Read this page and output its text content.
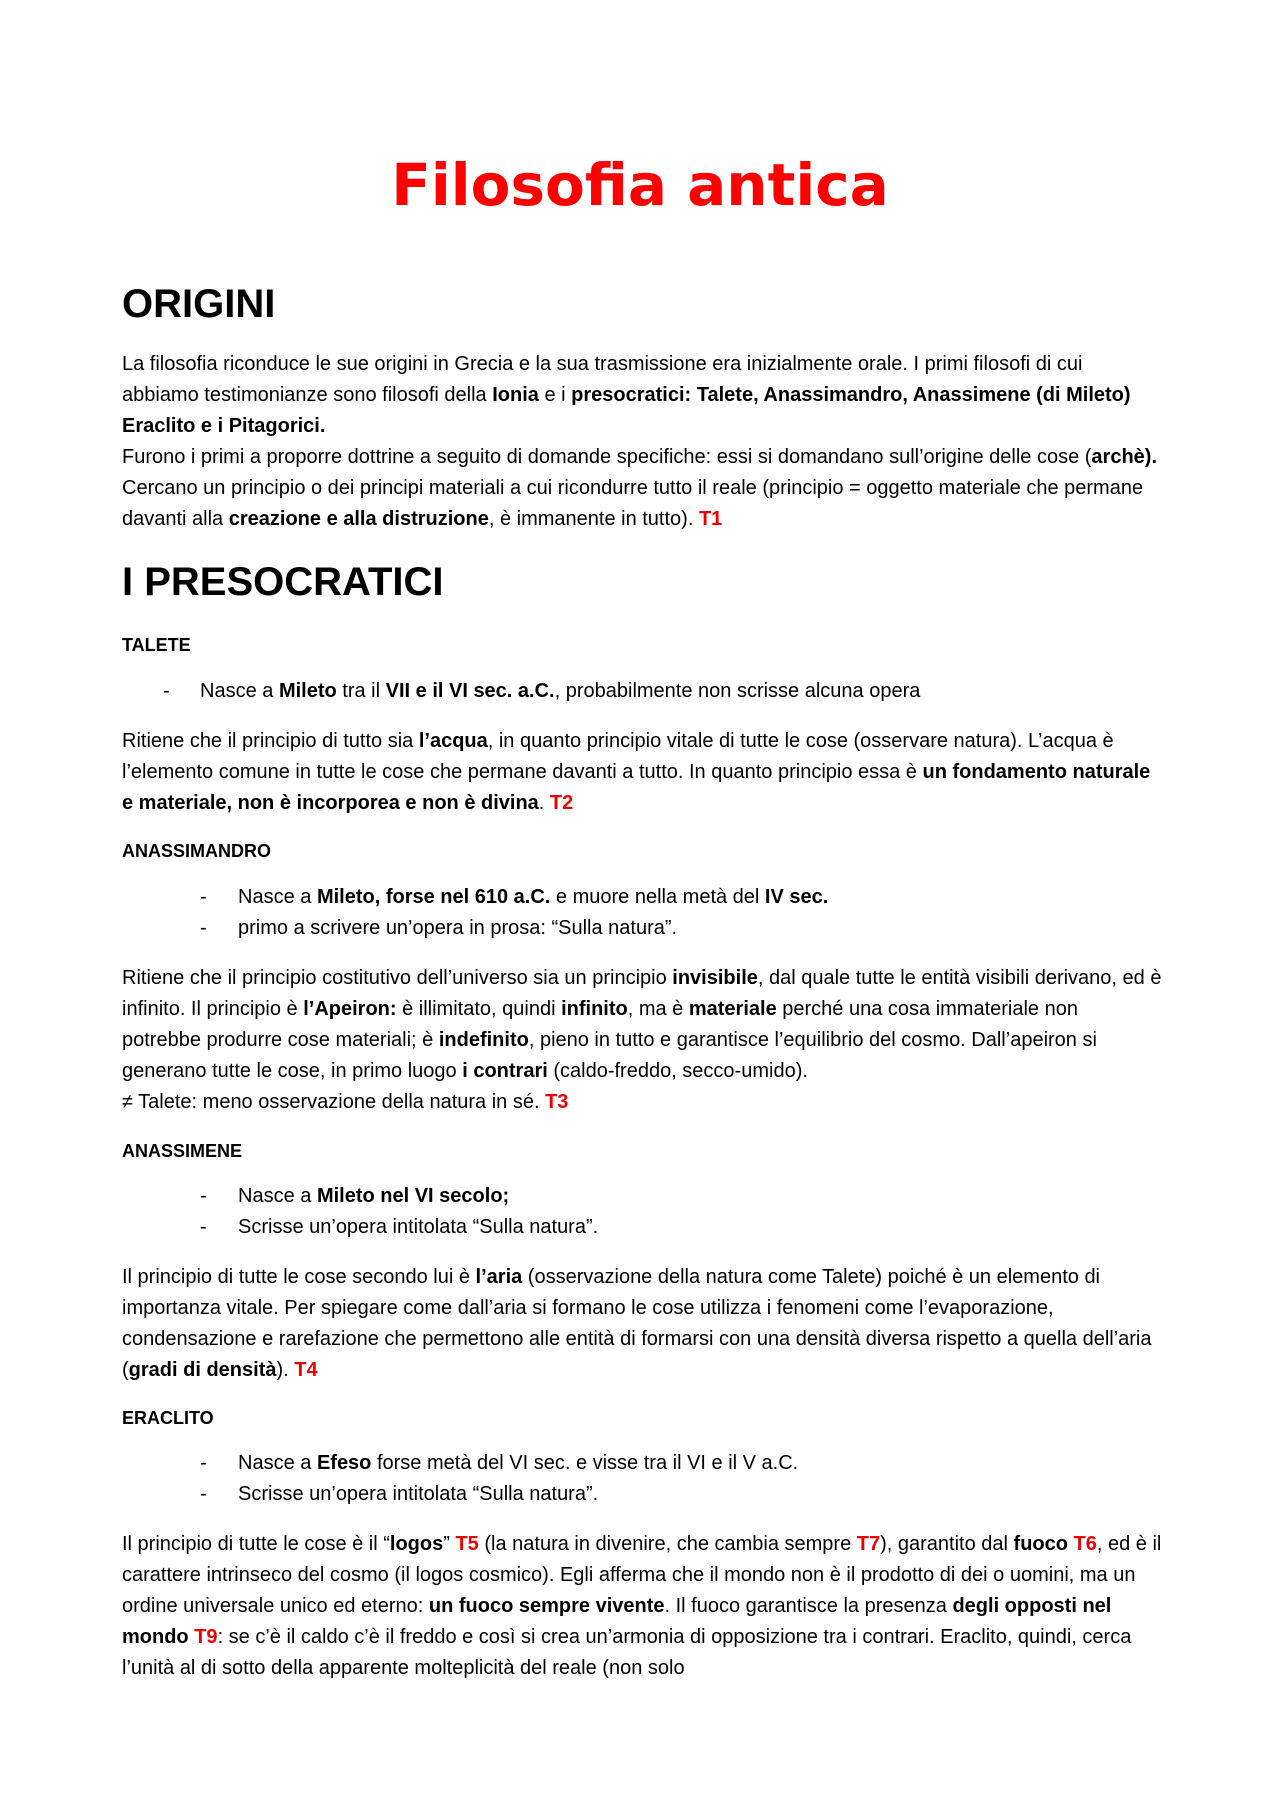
Filosofia antica
ORIGINI

La filosofia riconduce le sue origini in Grecia e la sua trasmissione era inizialmente orale. I primi filosofi di cui abbiamo testimonianze sono filosofi della Ionia e i presocratici: Talete, Anassimandro, Anassimene (di Mileto) Eraclito e i Pitagorici.

Furono i primi a proporre dottrine a seguito di domande specifiche: essi si domandano sull’origine delle cose (archè). Cercano un principio o dei principi materiali a cui ricondurre tutto il reale (principio = oggetto materiale che permane davanti alla creazione e alla distruzione, è immanente in tutto). T1

I PRESOCRATICI
TALETE
- Nasce a Mileto tra il VII e il VI sec. a.C., probabilmente non scrisse alcuna opera

Ritiene che il principio di tutto sia l’acqua, in quanto principio vitale di tutte le cose (osservare natura). L’acqua è l’elemento comune in tutte le cose che permane davanti a tutto. In quanto principio essa è un fondamento naturale e materiale, non è incorporea e non è divina. T2

ANASSIMANDRO
- Nasce a Mileto, forse nel 610 a.C. e muore nella metà del IV sec.

- primo a scrivere un’opera in prosa: “Sulla natura”.

Ritiene che il principio costitutivo dell’universo sia un principio invisibile, dal quale tutte le entità visibili derivano, ed è infinito. Il principio è l’Apeiron: è illimitato, quindi infinito, ma è materiale perché una cosa immateriale non potrebbe produrre cose materiali; è indefinito, pieno in tutto e garantisce l’equilibrio del cosmo. Dall’apeiron si generano tutte le cose, in primo luogo i contrari (caldo-freddo, secco-umido).
≠ Talete: meno osservazione della natura in sé. T3

ANASSIMENE
- Nasce a Mileto nel VI secolo;

- Scrisse un’opera intitolata “Sulla natura”.

Il principio di tutte le cose secondo lui è l’aria (osservazione della natura come Talete) poiché è un elemento di importanza vitale. Per spiegare come dall’aria si formano le cose utilizza i fenomeni come l’evaporazione, condensazione e rarefazione che permettono alle entità di formarsi con una densità diversa rispetto a quella dell’aria (gradi di densità). T4

ERACLITO
- Nasce a Efeso forse metà del VI sec. e visse tra il VI e il V a.C.

- Scrisse un’opera intitolata “Sulla natura”.

Il principio di tutte le cose è il “logos” T5 (la natura in divenire, che cambia sempre T7), garantito dal fuoco T6, ed è il carattere intrinseco del cosmo (il logos cosmico). Egli afferma che il mondo non è il prodotto di dei o uomini, ma un ordine universale unico ed eterno: un fuoco sempre vivente. Il fuoco garantisce la presenza degli opposti nel mondo T9: se c’è il caldo c’è il freddo e così si crea un’armonia di opposizione tra i contrari. Eraclito, quindi, cerca l’unità al di sotto della apparente molteplicità del reale (non solo
